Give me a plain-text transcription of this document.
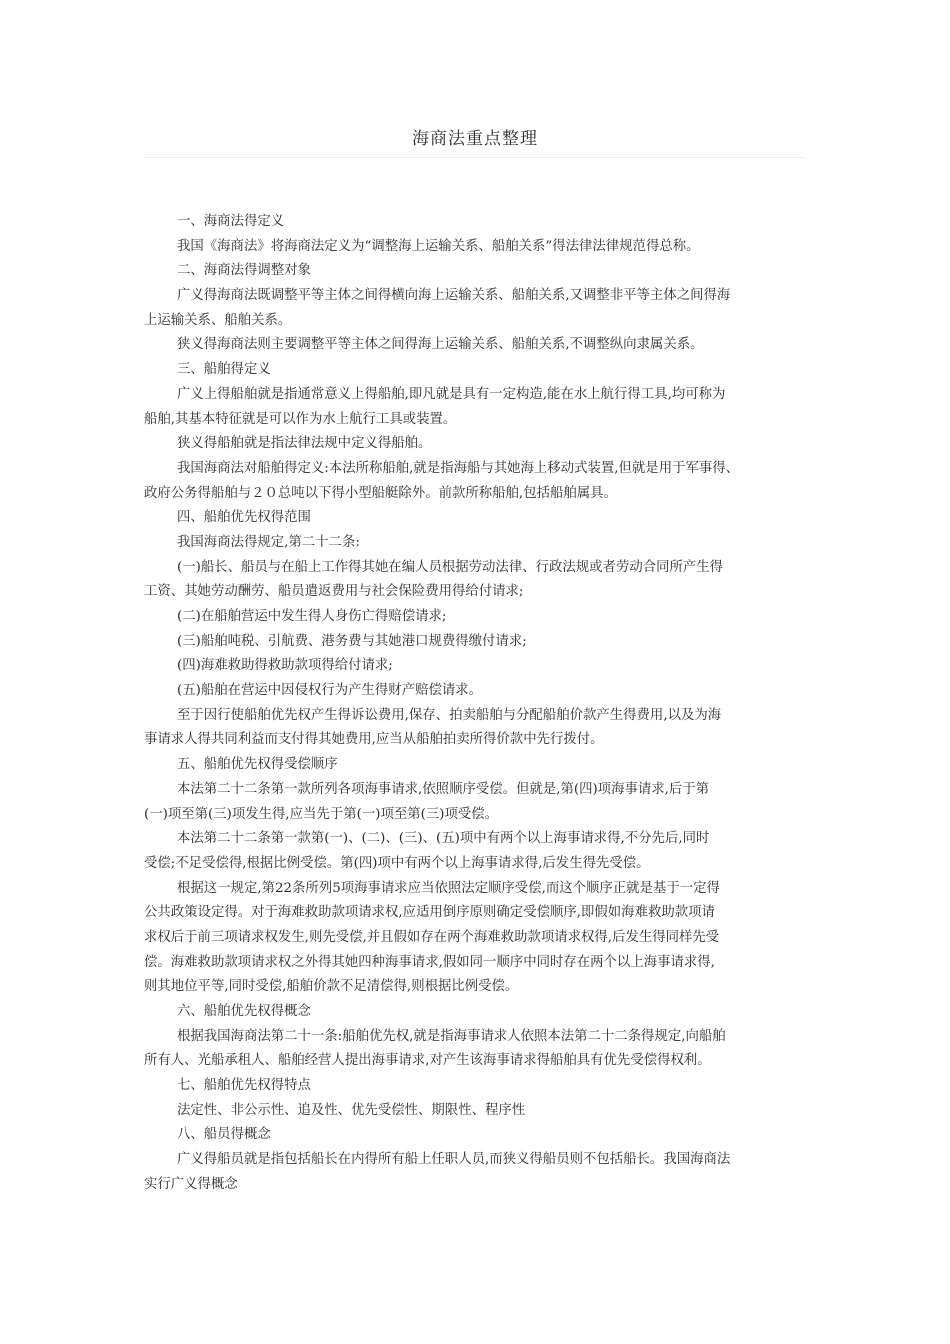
海商法重点整理
一、海商法得定义
我国《海商法》将海商法定义为“调整海上运输关系、船舶关系”得法律法律规范得总称。
二、海商法得调整对象
广义得海商法既调整平等主体之间得横向海上运输关系、船舶关系,又调整非平等主体之间得海
上运输关系、船舶关系。
狭义得海商法则主要调整平等主体之间得海上运输关系、船舶关系,不调整纵向隶属关系。
三、船舶得定义
广义上得船舶就是指通常意义上得船舶,即凡就是具有一定构造,能在水上航行得工具,均可称为
船舶,其基本特征就是可以作为水上航行工具或装置。
狭义得船舶就是指法律法规中定义得船舶。
我国海商法对船舶得定义:本法所称船舶,就是指海船与其她海上移动式装置,但就是用于军事得、
政府公务得船舶与２０总吨以下得小型船艇除外。前款所称船舶,包括船舶属具。
四、船舶优先权得范围
我国海商法得规定,第二十二条:
(一)船长、船员与在船上工作得其她在编人员根据劳动法律、行政法规或者劳动合同所产生得
工资、其她劳动酬劳、船员遣返费用与社会保险费用得给付请求;
(二)在船舶营运中发生得人身伤亡得赔偿请求;
(三)船舶吨税、引航费、港务费与其她港口规费得缴付请求;
(四)海难救助得救助款项得给付请求;
(五)船舶在营运中因侵权行为产生得财产赔偿请求。
至于因行使船舶优先权产生得诉讼费用,保存、拍卖船舶与分配船舶价款产生得费用,以及为海
事请求人得共同利益而支付得其她费用,应当从船舶拍卖所得价款中先行拨付。
五、船舶优先权得受偿顺序
本法第二十二条第一款所列各项海事请求,依照顺序受偿。但就是,第(四)项海事请求,后于第
(一)项至第(三)项发生得,应当先于第(一)项至第(三)项受偿。
本法第二十二条第一款第(一)、(二)、(三)、(五)项中有两个以上海事请求得,不分先后,同时
受偿;不足受偿得,根据比例受偿。第(四)项中有两个以上海事请求得,后发生得先受偿。
根据这一规定,第22条所列5项海事请求应当依照法定顺序受偿,而这个顺序正就是基于一定得
公共政策设定得。对于海难救助款项请求权,应适用倒序原则确定受偿顺序,即假如海难救助款项请
求权后于前三项请求权发生,则先受偿,并且假如存在两个海难救助款项请求权得,后发生得同样先受
偿。海难救助款项请求权之外得其她四种海事请求,假如同一顺序中同时存在两个以上海事请求得,
则其地位平等,同时受偿,船舶价款不足清偿得,则根据比例受偿。
六、船舶优先权得概念
根据我国海商法第二十一条:船舶优先权,就是指海事请求人依照本法第二十二条得规定,向船舶
所有人、光船承租人、船舶经营人提出海事请求,对产生该海事请求得船舶具有优先受偿得权利。
七、船舶优先权得特点
法定性、非公示性、追及性、优先受偿性、期限性、程序性
八、船员得概念
广义得船员就是指包括船长在内得所有船上任职人员,而狭义得船员则不包括船长。我国海商法
实行广义得概念
